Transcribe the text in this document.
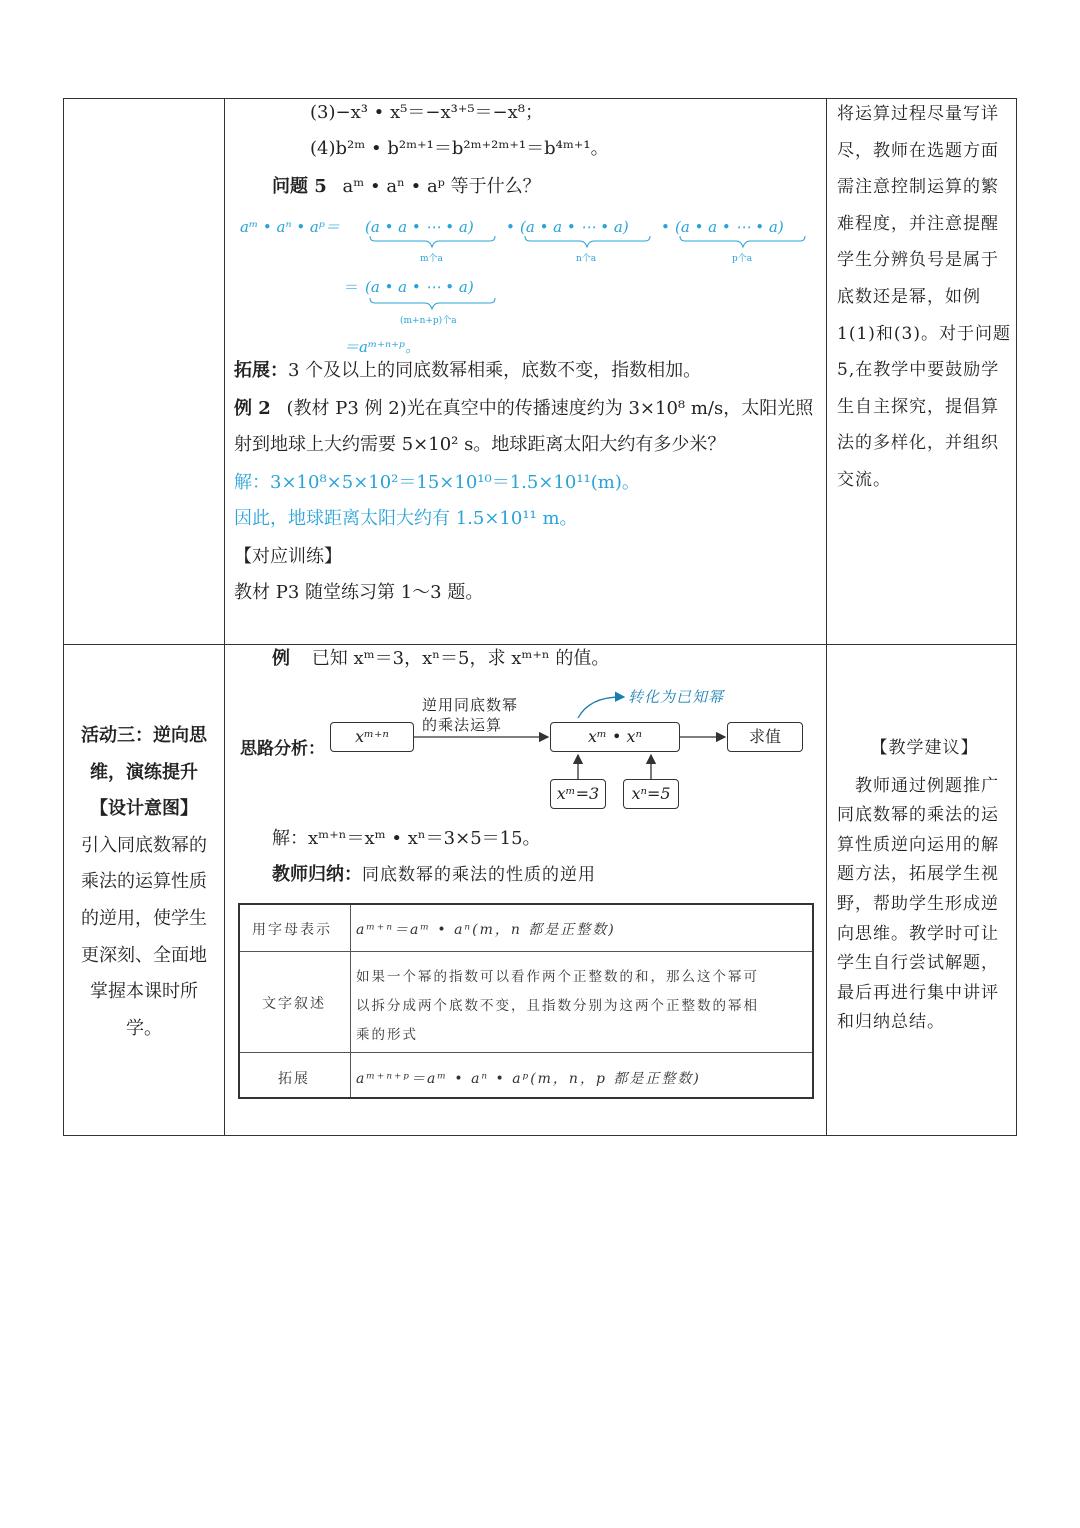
(3)−x³ • x⁵＝−x³⁺⁵＝−x⁸；
(4)b²ᵐ • b²ᵐ⁺¹＝b²ᵐ⁺²ᵐ⁺¹＝b⁴ᵐ⁺¹。
问题 5 aᵐ • aⁿ • aᵖ 等于什么？
aᵐ • aⁿ • aᵖ＝ (a • a • ⋯ • a) • (a • a • ⋯ • a) • (a • a • ⋯ • a)
m个a	n个a	p个a
＝ (a • a • ⋯ • a)
(m+n+p)个a
＝aᵐ⁺ⁿ⁺ᵖ。
拓展：3 个及以上的同底数幂相乘，底数不变，指数相加。
例 2 (教材 P3 例 2)光在真空中的传播速度约为 3×10⁸ m/s，太阳光照
射到地球上大约需要 5×10² s。地球距离太阳大约有多少米？
解：3×10⁸×5×10²＝15×10¹⁰＝1.5×10¹¹(m)。
因此，地球距离太阳大约有 1.5×10¹¹ m。
【对应训练】
教材 P3 随堂练习第 1～3 题。
将运算过程尽量写详
尽，教师在选题方面
需注意控制运算的繁
难程度，并注意提醒
学生分辨负号是属于
底数还是幂，如例
1(1)和(3)。对于问题
5,在教学中要鼓励学
生自主探究，提倡算
法的多样化，并组织
交流。
活动三：逆向思
维，演练提升
【设计意图】
引入同底数幂的
乘法的运算性质
的逆用，使学生
更深刻、全面地
掌握本课时所
学。
例 已知 xᵐ＝3，xⁿ＝5，求 xᵐ⁺ⁿ 的值。
思路分析：
xᵐ⁺ⁿ
逆用同底数幂
的乘法运算
xᵐ • xⁿ	求值
转化为已知幂
xᵐ=3	xⁿ=5
解：xᵐ⁺ⁿ＝xᵐ • xⁿ＝3×5＝15。
教师归纳：同底数幂的乘法的性质的逆用
用字母表示 aᵐ⁺ⁿ＝aᵐ • aⁿ(m，n 都是正整数)
文字叙述
如果一个幂的指数可以看作两个正整数的和，那么这个幂可
以拆分成两个底数不变，且指数分别为这两个正整数的幂相
乘的形式
拓展	aᵐ⁺ⁿ⁺ᵖ＝aᵐ • aⁿ • aᵖ(m，n，p 都是正整数)
【教学建议】
教师通过例题推广
同底数幂的乘法的运
算性质逆向运用的解
题方法，拓展学生视
野，帮助学生形成逆
向思维。教学时可让
学生自行尝试解题，
最后再进行集中讲评
和归纳总结。
